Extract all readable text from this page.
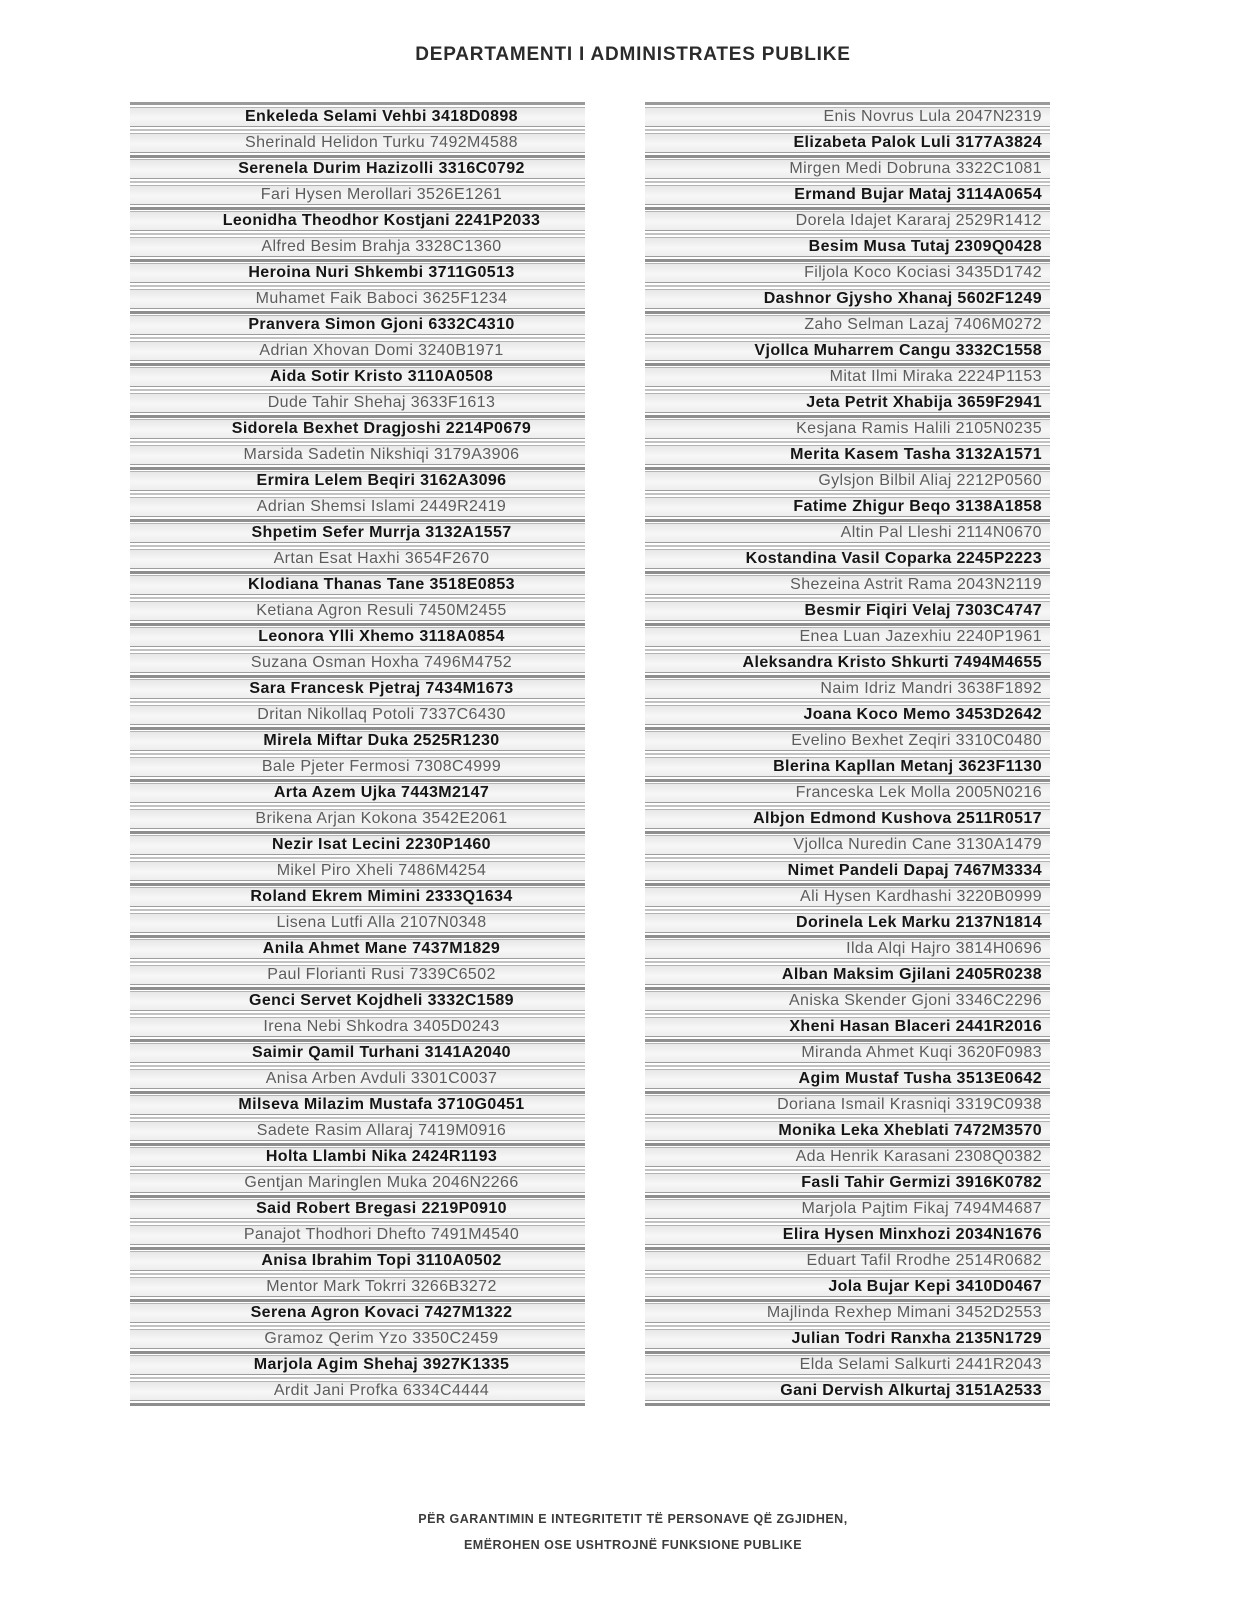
DEPARTAMENTI I ADMINISTRATES PUBLIKE
Enkeleda Selami Vehbi 3418D0898
Sherinald Helidon Turku 7492M4588
Serenela Durim Hazizolli 3316C0792
Fari Hysen Merollari 3526E1261
Leonidha Theodhor Kostjani 2241P2033
Alfred Besim Brahja 3328C1360
Heroina Nuri Shkembi 3711G0513
Muhamet Faik Baboci 3625F1234
Pranvera Simon Gjoni 6332C4310
Adrian Xhovan Domi 3240B1971
Aida Sotir Kristo 3110A0508
Dude Tahir Shehaj 3633F1613
Sidorela Bexhet Dragjoshi 2214P0679
Marsida Sadetin Nikshiqi 3179A3906
Ermira Lelem Beqiri 3162A3096
Adrian Shemsi Islami 2449R2419
Shpetim Sefer Murrja 3132A1557
Artan Esat Haxhi 3654F2670
Klodiana Thanas Tane 3518E0853
Ketiana Agron Resuli 7450M2455
Leonora Ylli Xhemo 3118A0854
Suzana Osman Hoxha 7496M4752
Sara Francesk Pjetraj 7434M1673
Dritan Nikollaq Potoli 7337C6430
Mirela Miftar Duka 2525R1230
Bale Pjeter Fermosi 7308C4999
Arta Azem Ujka 7443M2147
Brikena Arjan Kokona 3542E2061
Nezir Isat Lecini 2230P1460
Mikel Piro Xheli 7486M4254
Roland Ekrem Mimini 2333Q1634
Lisena Lutfi Alla 2107N0348
Anila Ahmet Mane 7437M1829
Paul Florianti Rusi 7339C6502
Genci Servet Kojdheli 3332C1589
Irena Nebi Shkodra 3405D0243
Saimir Qamil Turhani 3141A2040
Anisa Arben Avduli 3301C0037
Milseva Milazim Mustafa 3710G0451
Sadete Rasim Allaraj 7419M0916
Holta Llambi Nika 2424R1193
Gentjan Maringlen Muka 2046N2266
Said Robert Bregasi 2219P0910
Panajot Thodhori Dhefto 7491M4540
Anisa Ibrahim Topi 3110A0502
Mentor Mark Tokrri 3266B3272
Serena Agron Kovaci 7427M1322
Gramoz Qerim Yzo 3350C2459
Marjola Agim Shehaj 3927K1335
Ardit Jani Profka 6334C4444
Enis Novrus Lula 2047N2319
Elizabeta Palok Luli 3177A3824
Mirgen Medi Dobruna 3322C1081
Ermand Bujar Mataj 3114A0654
Dorela Idajet Kararaj 2529R1412
Besim Musa Tutaj 2309Q0428
Filjola Koco Kociasi 3435D1742
Dashnor Gjysho Xhanaj 5602F1249
Zaho Selman Lazaj 7406M0272
Vjollca Muharrem Cangu 3332C1558
Mitat Ilmi Miraka 2224P1153
Jeta Petrit Xhabija 3659F2941
Kesjana Ramis Halili 2105N0235
Merita Kasem Tasha 3132A1571
Gylsjon Bilbil Aliaj 2212P0560
Fatime Zhigur Beqo 3138A1858
Altin Pal Lleshi 2114N0670
Kostandina Vasil Coparka 2245P2223
Shezeina Astrit Rama 2043N2119
Besmir Fiqiri Velaj 7303C4747
Enea Luan Jazexhiu 2240P1961
Aleksandra Kristo Shkurti 7494M4655
Naim Idriz Mandri 3638F1892
Joana Koco Memo 3453D2642
Evelino Bexhet Zeqiri 3310C0480
Blerina Kapllan Metanj 3623F1130
Franceska Lek Molla 2005N0216
Albjon Edmond Kushova 2511R0517
Vjollca Nuredin Cane 3130A1479
Nimet Pandeli Dapaj 7467M3334
Ali Hysen Kardhashi 3220B0999
Dorinela Lek Marku 2137N1814
Ilda Alqi Hajro 3814H0696
Alban Maksim Gjilani 2405R0238
Aniska Skender Gjoni 3346C2296
Xheni Hasan Blaceri 2441R2016
Miranda Ahmet Kuqi 3620F0983
Agim Mustaf Tusha 3513E0642
Doriana Ismail Krasniqi 3319C0938
Monika Leka Xheblati 7472M3570
Ada Henrik Karasani 2308Q0382
Fasli Tahir Germizi 3916K0782
Marjola Pajtim Fikaj 7494M4687
Elira Hysen Minxhozi 2034N1676
Eduart Tafil Rrodhe 2514R0682
Jola Bujar Kepi 3410D0467
Majlinda Rexhep Mimani 3452D2553
Julian Todri Ranxha 2135N1729
Elda Selami Salkurti 2441R2043
Gani Dervish Alkurtaj 3151A2533
PËR GARANTIMIN E INTEGRITETIT TË PERSONAVE QË ZGJIDHEN,
EMËROHEN OSE USHTROJNË FUNKSIONE PUBLIKE
